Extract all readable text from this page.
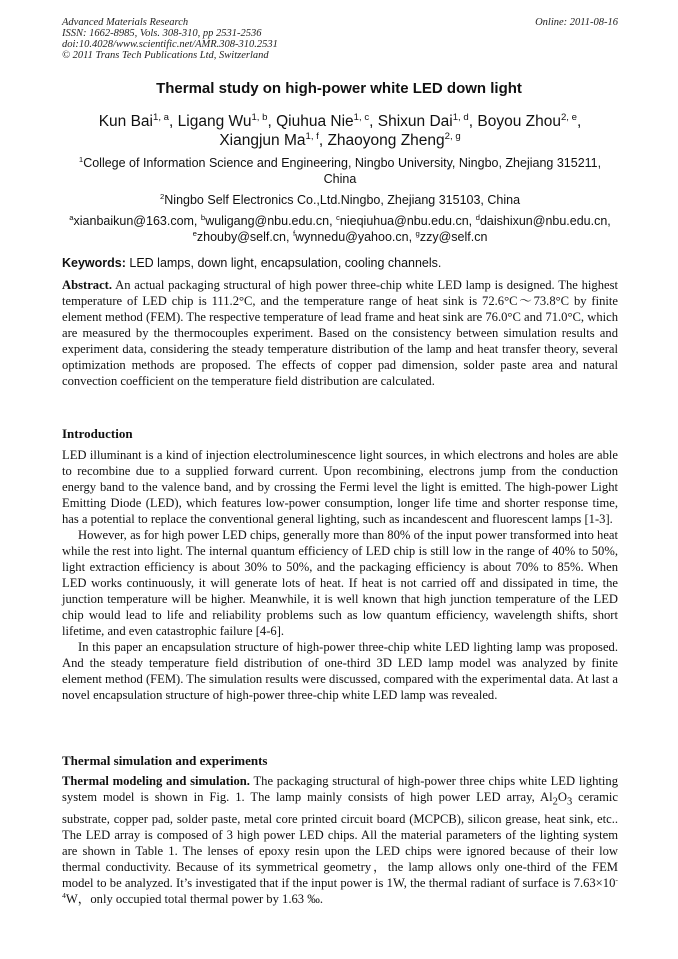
Advanced Materials Research
ISSN: 1662-8985, Vols. 308-310, pp 2531-2536
doi:10.4028/www.scientific.net/AMR.308-310.2531
© 2011 Trans Tech Publications Ltd, Switzerland
Online: 2011-08-16
Thermal study on high-power white LED down light
Kun Bai$^{1, a}$, Ligang Wu$^{1, b}$, Qiuhua Nie$^{1, c}$, Shixun Dai$^{1, d}$, Boyou Zhou$^{2, e}$,
Xiangjun Ma$^{1, f}$, Zhaoyong Zheng$^{2, g}$
$^1$College of Information Science and Engineering, Ningbo University, Ningbo, Zhejiang 315211, China
$^2$Ningbo Self Electronics Co.,Ltd.Ningbo, Zhejiang 315103, China
$^a$xianbaikun@163.com, $^b$wuligang@nbu.edu.cn, $^c$nieqiuhua@nbu.edu.cn, $^d$daishixun@nbu.edu.cn,
$^e$zhouby@self.cn, $^f$wynnedu@yahoo.cn, $^g$zzy@self.cn
Keywords: LED lamps, down light, encapsulation, cooling channels.

Abstract. An actual packaging structural of high power three-chip white LED lamp is designed. The highest temperature of LED chip is 111.2°C, and the temperature range of heat sink is 72.6°C～73.8°C by finite element method (FEM). The respective temperature of lead frame and heat sink are 76.0°C and 71.0°C, which are measured by the thermocouples experiment. Based on the consistency between simulation results and experiment data, considering the steady temperature distribution of the lamp and heat transfer theory, several optimization methods are proposed. The effects of copper pad dimension, solder paste area and natural convection coefficient on the temperature field distribution are calculated.

Introduction

LED illuminant is a kind of injection electroluminescence light sources, in which electrons and holes are able to recombine due to a supplied forward current. Upon recombining, electrons jump from the conduction energy band to the valence band, and by crossing the Fermi level the light is emitted. The high-power Light Emitting Diode (LED), which features low-power consumption, longer life time and shorter response time, has a potential to replace the conventional general lighting, such as incandescent and fluorescent lamps [1-3].

However, as for high power LED chips, generally more than 80% of the input power transformed into heat while the rest into light. The internal quantum efficiency of LED chip is still low in the range of 40% to 50%, light extraction efficiency is about 30% to 50%, and the packaging efficiency is about 70% to 85%. When LED works continuously, it will generate lots of heat. If heat is not carried off and dissipated in time, the junction temperature will be higher. Meanwhile, it is well known that high junction temperature of the LED chip would lead to life and reliability problems such as low quantum efficiency, wavelength shifts, short lifetime, and even catastrophic failure [4-6].

In this paper an encapsulation structure of high-power three-chip white LED lighting lamp was proposed. And the steady temperature field distribution of one-third 3D LED lamp model was analyzed by finite element method (FEM). The simulation results were discussed, compared with the experimental data. At last a novel encapsulation structure of high-power three-chip white LED lamp was revealed.

Thermal simulation and experiments

Thermal modeling and simulation. The packaging structural of high-power three chips white LED lighting system model is shown in Fig. 1. The lamp mainly consists of high power LED array, $Al_2O_3$ ceramic substrate, copper pad, solder paste, metal core printed circuit board (MCPCB), silicon grease, heat sink, etc.. The LED array is composed of 3 high power LED chips. All the material parameters of the lighting system are shown in Table 1. The lenses of epoxy resin upon the LED chips were ignored because of their low thermal conductivity. Because of its symmetrical geometry，the lamp allows only one-third of the FEM model to be analyzed. It’s investigated that if the input power is 1W, the thermal radiant of surface is $7.63\times 10^{-4}W$，only occupied total thermal power by 1.63 ‰.
